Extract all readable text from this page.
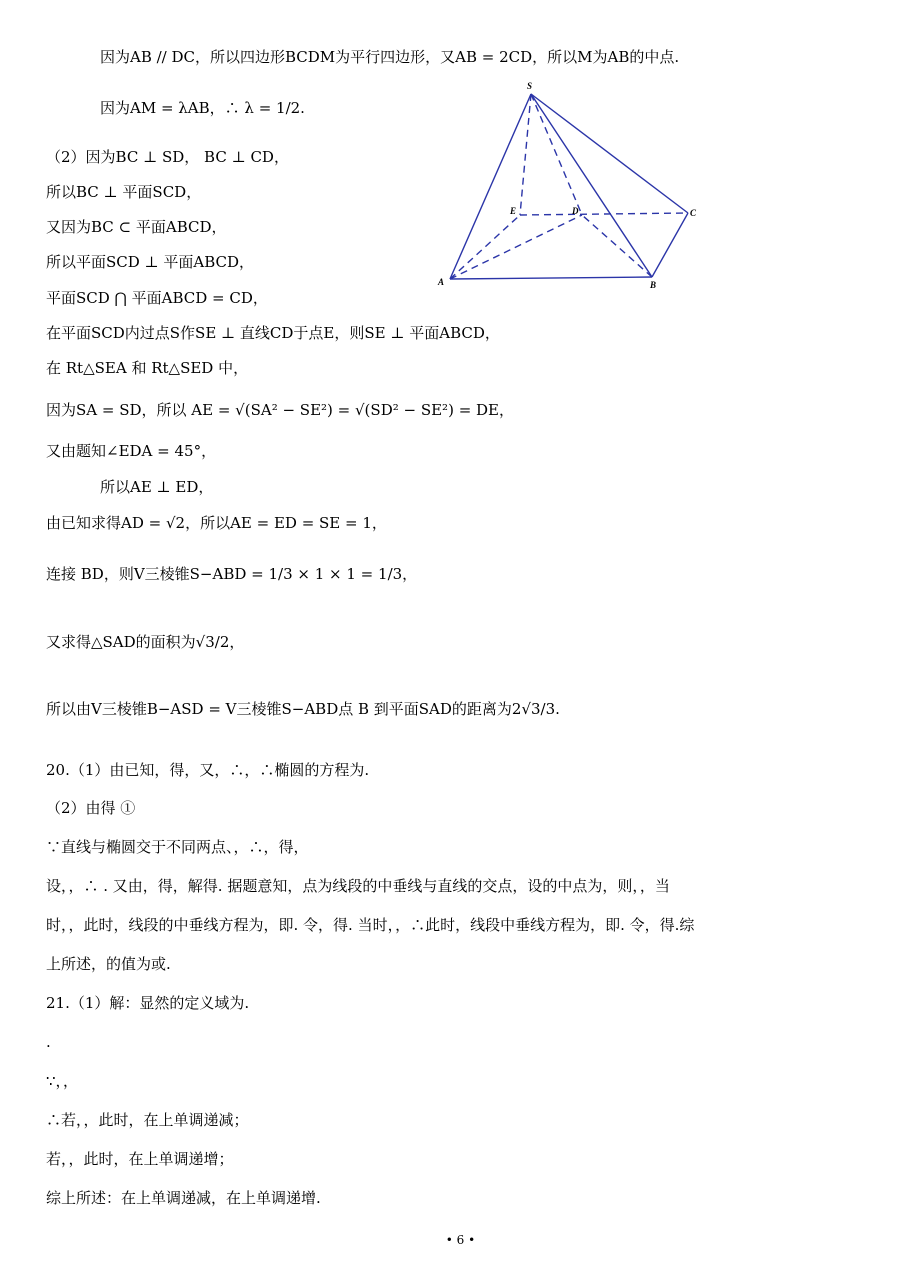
因为AB // DC，所以四边形BCDM为平行四边形，又AB = 2CD，所以M为AB的中点.
因为AM = λAB，∴ λ = 1/2.
（2）因为BC ⊥ SD， BC ⊥ CD，
所以BC ⊥ 平面SCD，
又因为BC ⊂ 平面ABCD，
所以平面SCD ⊥ 平面ABCD，
平面SCD ⋂ 平面ABCD = CD，
在平面SCD内过点S作SE ⊥ 直线CD于点E，则SE ⊥ 平面ABCD，
在 Rt△SEA 和 Rt△SED 中，
因为SA = SD，所以 AE = √(SA² − SE²) = √(SD² − SE²) = DE，
又由题知∠EDA = 45°，
所以AE ⊥ ED，
由已知求得AD = √2，所以AE = ED = SE = 1，
连接 BD，则V三棱锥S−ABD = 1/3 × 1 × 1 = 1/3，
又求得△SAD的面积为√3/2，
所以由V三棱锥B−ASD = V三棱锥S−ABD点 B 到平面SAD的距离为2√3/3.
20.（1）由已知，得，又，∴，∴椭圆的方程为.
（2）由得 ①
∵直线与椭圆交于不同两点、，∴，得，
设，，∴ . 又由，得，解得. 据题意知，点为线段的中垂线与直线的交点，设的中点为，则，，当
时，，此时，线段的中垂线方程为，即. 令，得. 当时，，∴此时，线段中垂线方程为，即. 令，得.综
上所述，的值为或.
21.（1）解：显然的定义域为.
.
∵，，
∴若，，此时，在上单调递减；
若，，此时，在上单调递增；
综上所述：在上单调递减，在上单调递增.
S
E	D	C
A	B
• 6 •
